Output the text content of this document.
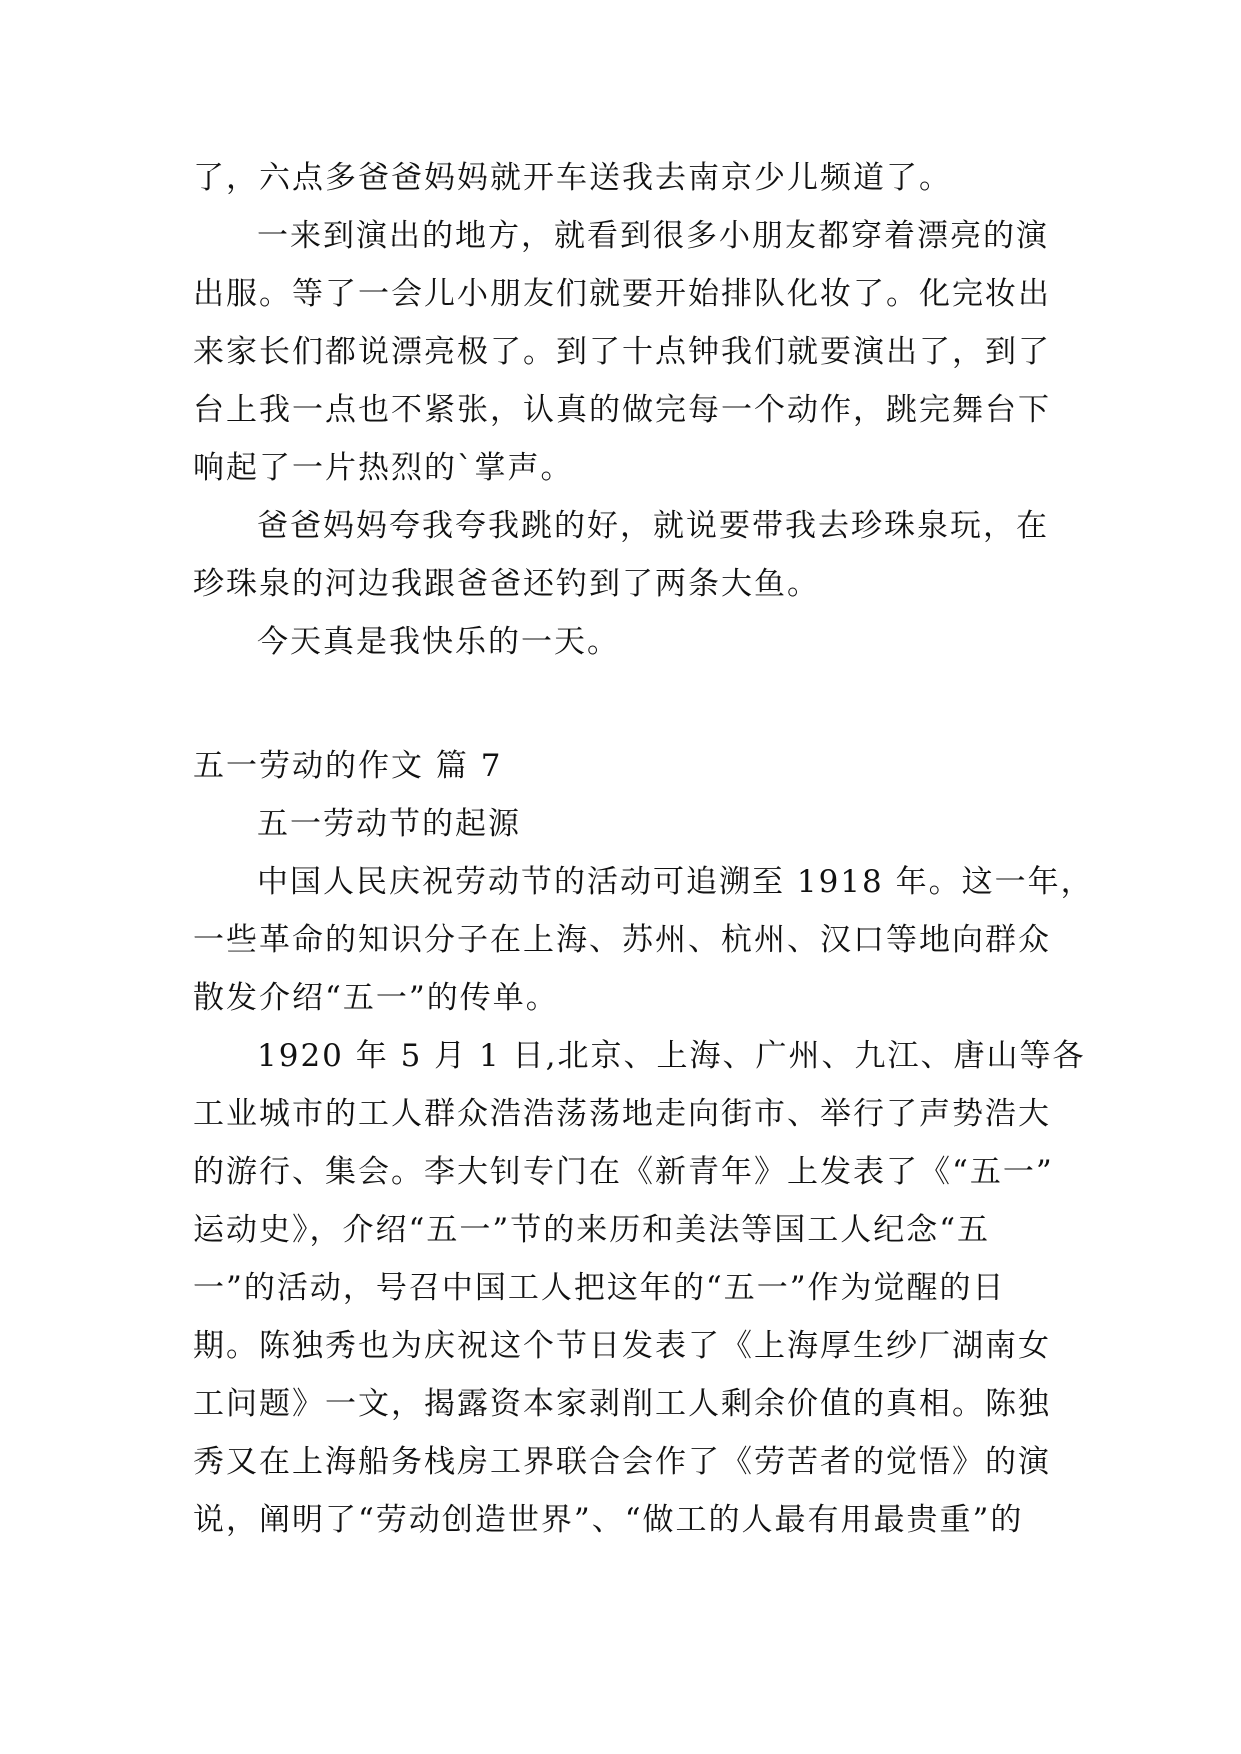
了，六点多爸爸妈妈就开车送我去南京少儿频道了。
一来到演出的地方，就看到很多小朋友都穿着漂亮的演
出服。等了一会儿小朋友们就要开始排队化妆了。化完妆出
来家长们都说漂亮极了。到了十点钟我们就要演出了，到了
台上我一点也不紧张，认真的做完每一个动作，跳完舞台下
响起了一片热烈的`掌声。
爸爸妈妈夸我夸我跳的好，就说要带我去珍珠泉玩，在
珍珠泉的河边我跟爸爸还钓到了两条大鱼。
今天真是我快乐的一天。
五一劳动的作文 篇 7
五一劳动节的起源
中国人民庆祝劳动节的活动可追溯至 1918 年。这一年，
一些革命的知识分子在上海、苏州、杭州、汉口等地向群众
散发介绍“五一”的传单。
1920 年 5 月 1 日,北京、上海、广州、九江、唐山等各
工业城市的工人群众浩浩荡荡地走向街市、举行了声势浩大
的游行、集会。李大钊专门在《新青年》上发表了《“五一”
运动史》，介绍“五一”节的来历和美法等国工人纪念“五
一”的活动，号召中国工人把这年的“五一”作为觉醒的日
期。陈独秀也为庆祝这个节日发表了《上海厚生纱厂湖南女
工问题》一文，揭露资本家剥削工人剩余价值的真相。陈独
秀又在上海船务栈房工界联合会作了《劳苦者的觉悟》的演
说，阐明了“劳动创造世界”、“做工的人最有用最贵重”的
